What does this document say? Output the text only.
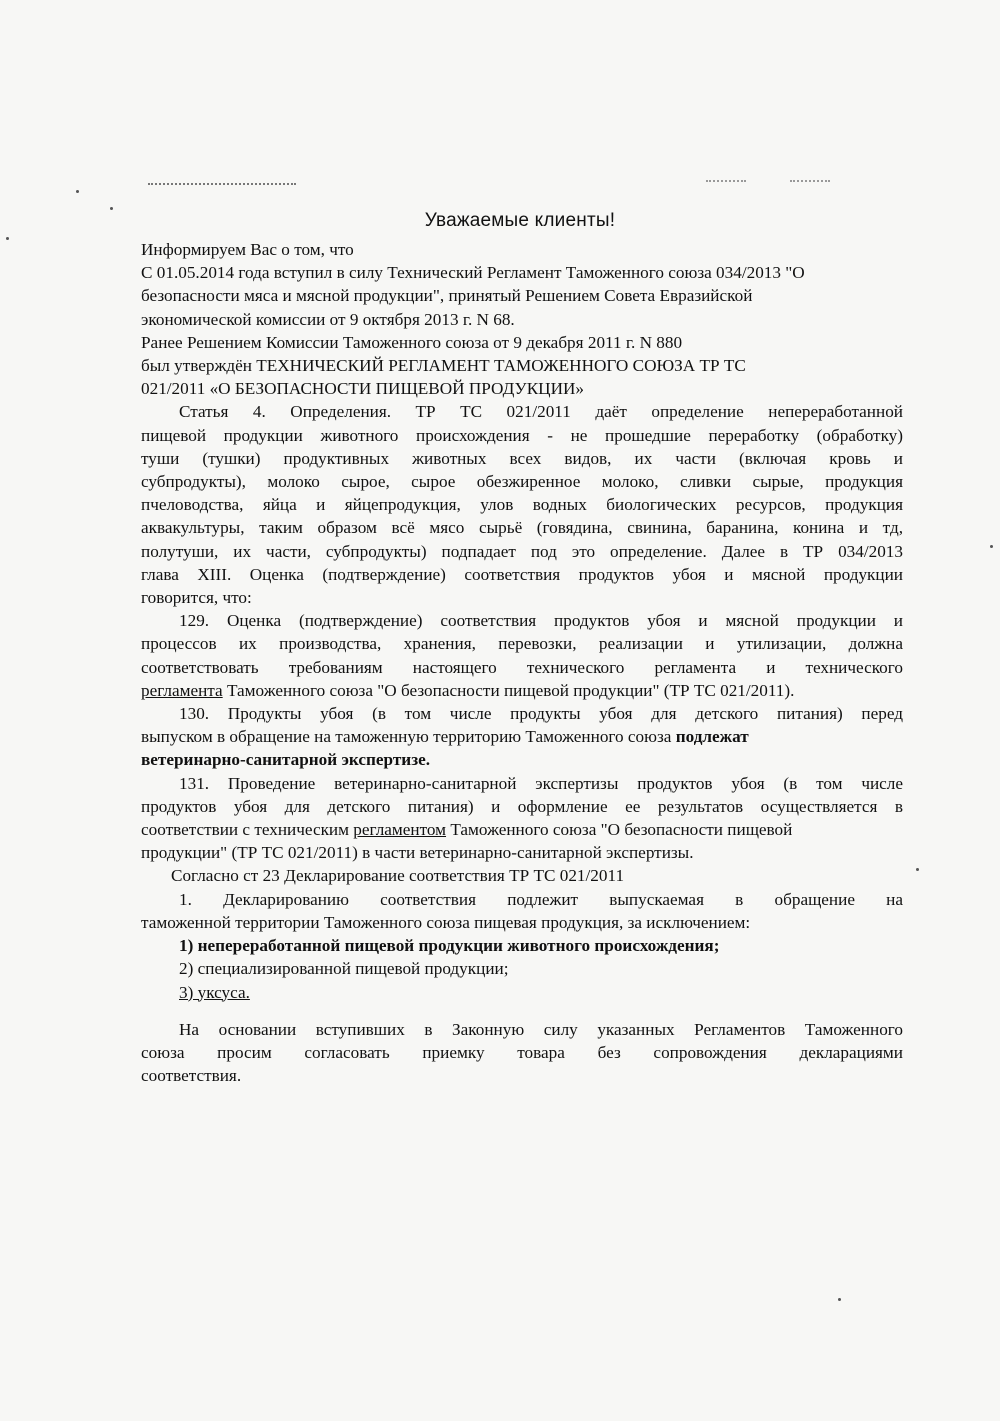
Уважаемые клиенты!

Информируем Вас о том, что
С 01.05.2014 года вступил в силу Технический Регламент Таможенного союза 034/2013 "О
безопасности мяса и мясной продукции", принятый Решением Совета Евразийской
экономической комиссии от 9 октября 2013 г. N 68.
Ранее Решением Комиссии Таможенного союза от 9 декабря 2011 г. N 880
был утверждён ТЕХНИЧЕСКИЙ РЕГЛАМЕНТ ТАМОЖЕННОГО СОЮЗА ТР ТС
021/2011 «О БЕЗОПАСНОСТИ ПИЩЕВОЙ ПРОДУКЦИИ»

Статья 4. Определения. ТР ТС 021/2011 даёт определение непереработанной
пищевой продукции животного происхождения - не прошедшие переработку (обработку)
туши (тушки) продуктивных животных всех видов, их части (включая кровь и
субпродукты), молоко сырое, сырое обезжиренное молоко, сливки сырые, продукция
пчеловодства, яйца и яйцепродукция, улов водных биологических ресурсов, продукция
аквакультуры, таким образом всё мясо сырьё (говядина, свинина, баранина, конина и тд,
полутуши, их части, субпродукты) подпадает под это определение. Далее в ТР 034/2013
глава XIII. Оценка (подтверждение) соответствия продуктов убоя и мясной продукции
говорится, что:

129. Оценка (подтверждение) соответствия продуктов убоя и мясной продукции и
процессов их производства, хранения, перевозки, реализации и утилизации, должна
соответствовать требованиям настоящего технического регламента и технического
регламента Таможенного союза "О безопасности пищевой продукции" (ТР ТС 021/2011).

130. Продукты убоя (в том числе продукты убоя для детского питания) перед
выпуском в обращение на таможенную территорию Таможенного союза подлежат
ветеринарно-санитарной экспертизе.

131. Проведение ветеринарно-санитарной экспертизы продуктов убоя (в том числе
продуктов убоя для детского питания) и оформление ее результатов осуществляется в
соответствии с техническим регламентом Таможенного союза "О безопасности пищевой
продукции" (ТР ТС 021/2011) в части ветеринарно-санитарной экспертизы.

Согласно ст 23 Декларирование соответствия ТР ТС 021/2011
1. Декларированию соответствия подлежит выпускаемая в обращение на
таможенной территории Таможенного союза пищевая продукция, за исключением:
1) непереработанной пищевой продукции животного происхождения;
2) специализированной пищевой продукции;
3) уксуса.

На основании вступивших в Законную силу указанных Регламентов Таможенного
союза просим согласовать приемку товара без сопровождения декларациями
соответствия.
